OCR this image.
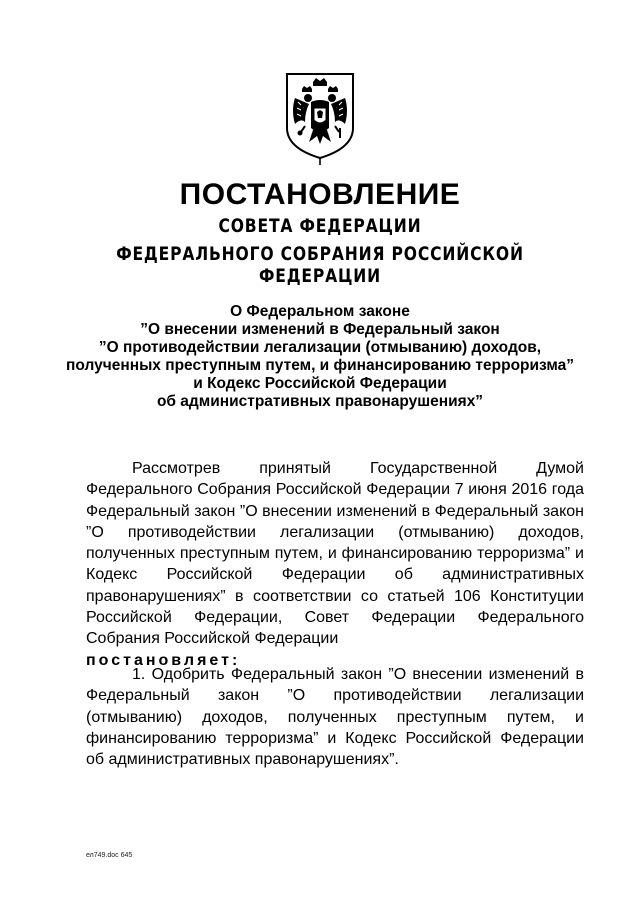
ПОСТАНОВЛЕНИЕ
СОВЕТА ФЕДЕРАЦИИ
ФЕДЕРАЛЬНОГО СОБРАНИЯ РОССИЙСКОЙ ФЕДЕРАЦИИ
О Федеральном законе
”О внесении изменений в Федеральный закон
”О противодействии легализации (отмыванию) доходов,
полученных преступным путем, и финансированию терроризма”
и Кодекс Российской Федерации
об административных правонарушениях”
Рассмотрев принятый Государственной Думой Федерального Собрания Российской Федерации 7 июня 2016 года Федеральный закон ”О внесении изменений в Федеральный закон ”О противодействии легализации (отмыванию) доходов, полученных преступным путем, и финансированию терроризма” и Кодекс Российской Федерации об административных правонарушениях” в соответствии со статьей 106 Конституции Российской Федерации, Совет Федерации Федерального Собрания Российской Федерации
постановляет:
1. Одобрить Федеральный закон ”О внесении изменений в Федеральный закон ”О противодействии легализации (отмыванию) доходов, полученных преступным путем, и финансированию терроризма” и Кодекс Российской Федерации об административных правонарушениях”.
ел749.doc 645
